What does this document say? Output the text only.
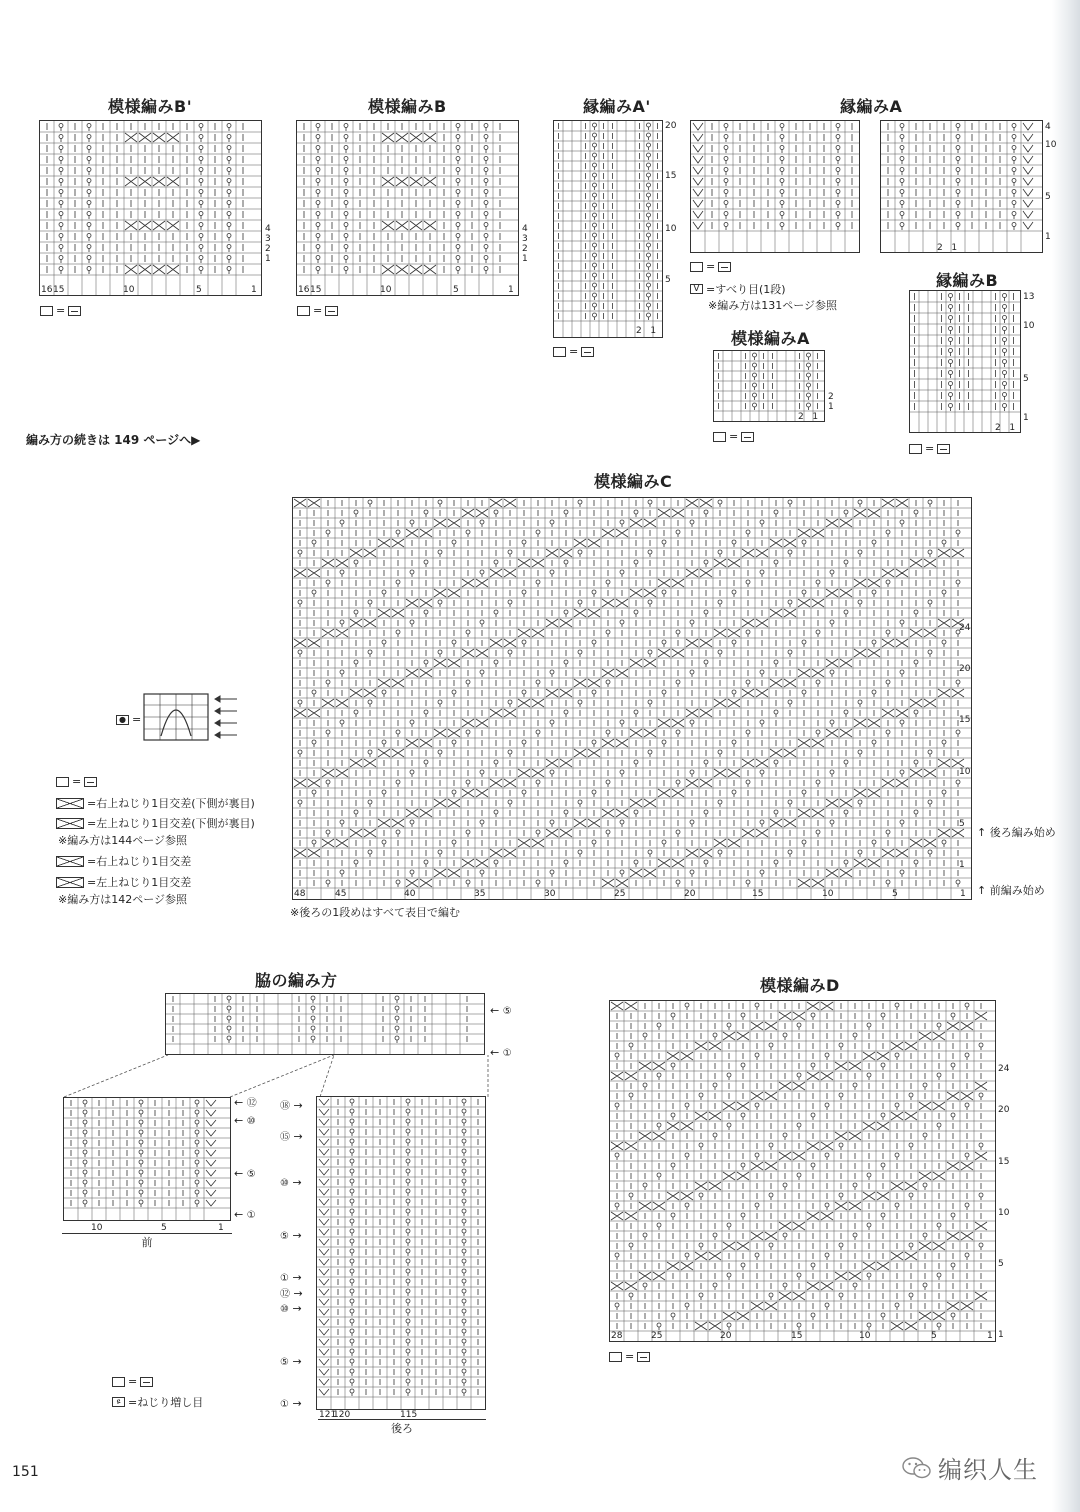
模様編みB'	模様編みB	縁編みA'	縁編みA
16 15	10	5	1
4
3
2
1
=
16 15	10	5	1
4
3
2
1
=
20
15
10
5
2 1
=
4
10
5
1
2 1
=
V =すべり目(1段)
※編み方は131ページ参照
縁編みB
13
10
5
1
2 1
=
模様編みA
2
1
2 1
=
編み方の続きは 149 ページへ▶
模様編みC
24
20
15
10
5
1
48	45	40	35	30	25	20	15	10	5	1
※後ろの1段めはすべて表目で編む
↑ 後ろ編み始め
↑ 前編み始め
● =
=
=右上ねじり1目交差(下側が裏目)
=左上ねじり1目交差(下側が裏目)
※編み方は144ページ参照
=右上ねじり1目交差
=左上ねじり1目交差
※編み方は142ページ参照
脇の編み方
← ⑤
← ①
← ⑫
← ⑩
← ⑤
← ①
10	5	1
前
⑱ →
⑮ →
⑩ →
⑤ →
① →
⑫ →
⑩ →
⑤ →
① →
121
120	115
後ろ
=
ዩ =ねじり増し目
模様編みD
24
20
15
10
5
1
28	25	20	15	10	5	1
=
151	编织人生
